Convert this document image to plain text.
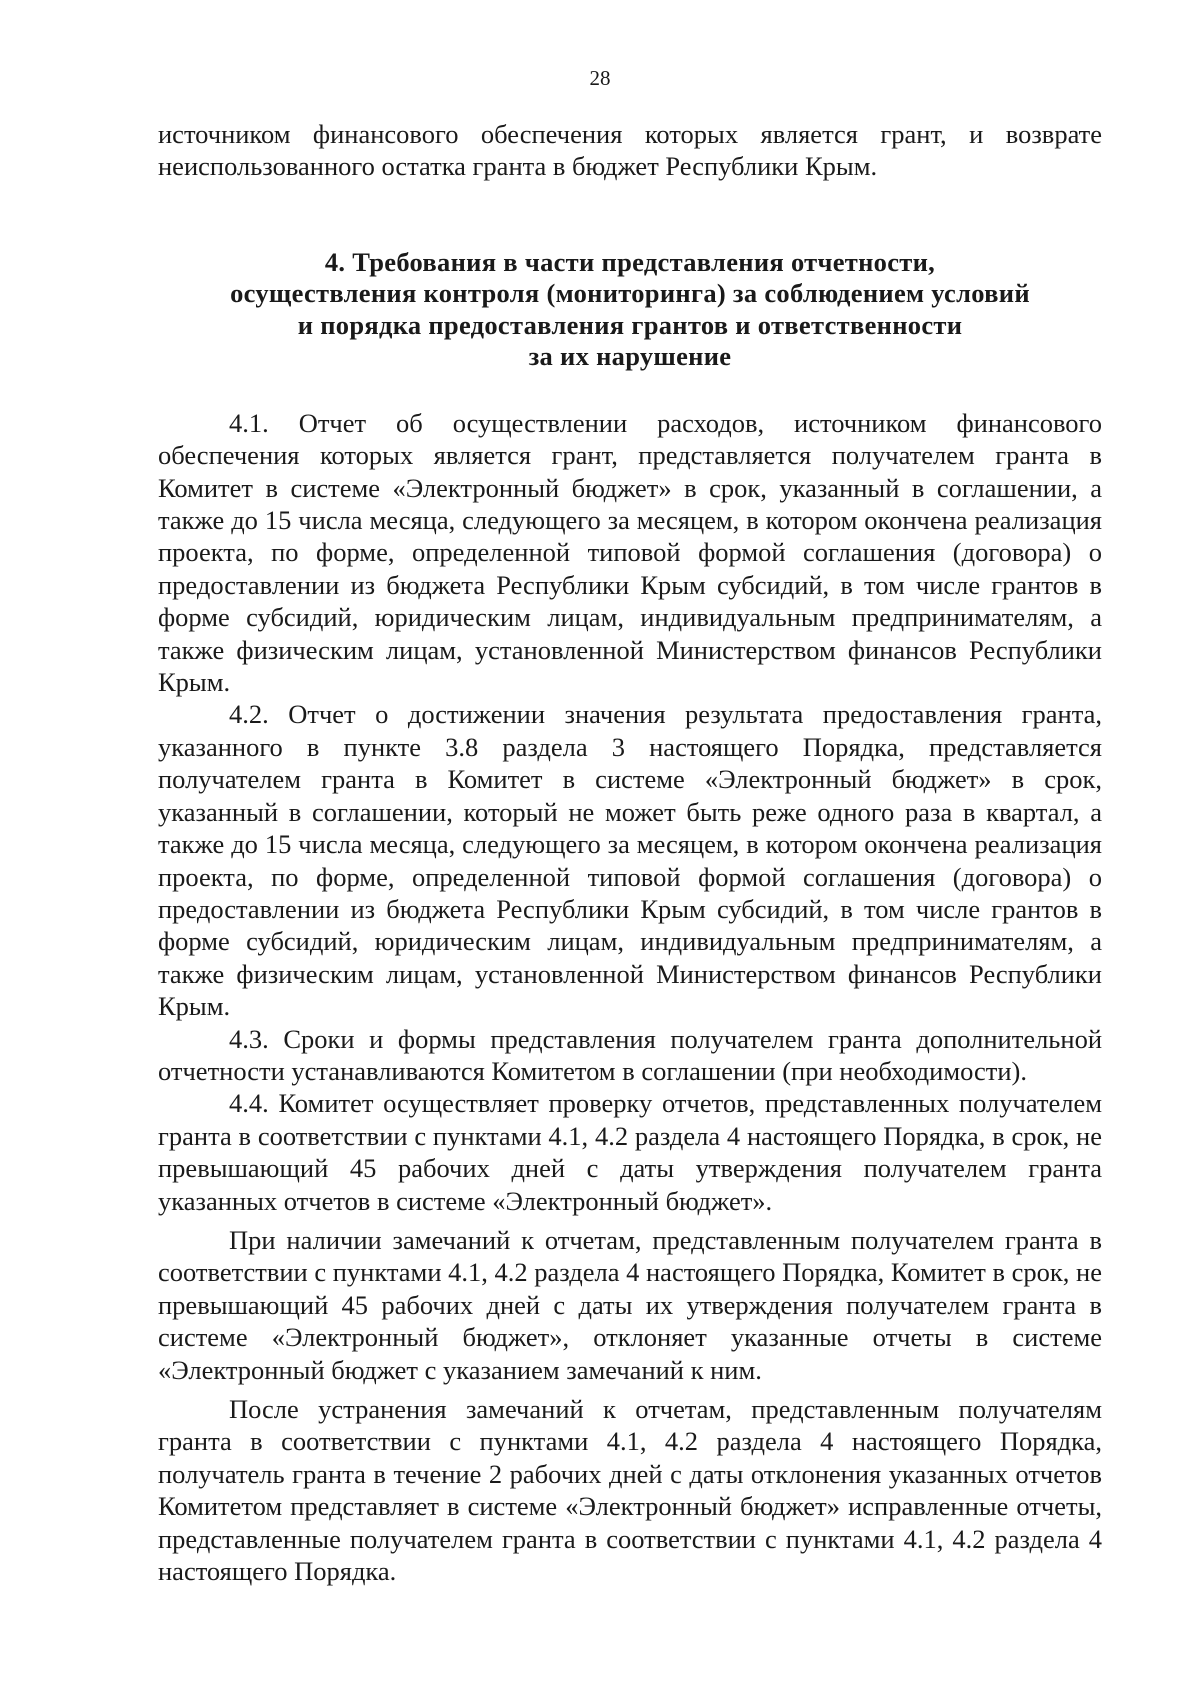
28

источником финансового обеспечения которых является грант, и возврате неиспользованного остатка гранта в бюджет Республики Крым.

4. Требования в части представления отчетности,
осуществления контроля (мониторинга) за соблюдением условий
и порядка предоставления грантов и ответственности
за их нарушение

4.1. Отчет об осуществлении расходов, источником финансового обеспечения которых является грант, представляется получателем гранта в Комитет в системе «Электронный бюджет» в срок, указанный в соглашении, а также до 15 числа месяца, следующего за месяцем, в котором окончена реализация проекта, по форме, определенной типовой формой соглашения (договора) о предоставлении из бюджета Республики Крым субсидий, в том числе грантов в форме субсидий, юридическим лицам, индивидуальным предпринимателям, а также физическим лицам, установленной Министерством финансов Республики Крым.

4.2. Отчет о достижении значения результата предоставления гранта, указанного в пункте 3.8 раздела 3 настоящего Порядка, представляется получателем гранта в Комитет в системе «Электронный бюджет» в срок, указанный в соглашении, который не может быть реже одного раза в квартал, а также до 15 числа месяца, следующего за месяцем, в котором окончена реализация проекта, по форме, определенной типовой формой соглашения (договора) о предоставлении из бюджета Республики Крым субсидий, в том числе грантов в форме субсидий, юридическим лицам, индивидуальным предпринимателям, а также физическим лицам, установленной Министерством финансов Республики Крым.

4.3. Сроки и формы представления получателем гранта дополнительной отчетности устанавливаются Комитетом в соглашении (при необходимости).

4.4. Комитет осуществляет проверку отчетов, представленных получателем гранта в соответствии с пунктами 4.1, 4.2 раздела 4 настоящего Порядка, в срок, не превышающий 45 рабочих дней с даты утверждения получателем гранта указанных отчетов в системе «Электронный бюджет».

При наличии замечаний к отчетам, представленным получателем гранта в соответствии с пунктами 4.1, 4.2 раздела 4 настоящего Порядка, Комитет в срок, не превышающий 45 рабочих дней с даты их утверждения получателем гранта в системе «Электронный бюджет», отклоняет указанные отчеты в системе «Электронный бюджет с указанием замечаний к ним.

После устранения замечаний к отчетам, представленным получателям гранта в соответствии с пунктами 4.1, 4.2 раздела 4 настоящего Порядка, получатель гранта в течение 2 рабочих дней с даты отклонения указанных отчетов Комитетом представляет в системе «Электронный бюджет» исправленные отчеты, представленные получателем гранта в соответствии с пунктами 4.1, 4.2 раздела 4 настоящего Порядка.
